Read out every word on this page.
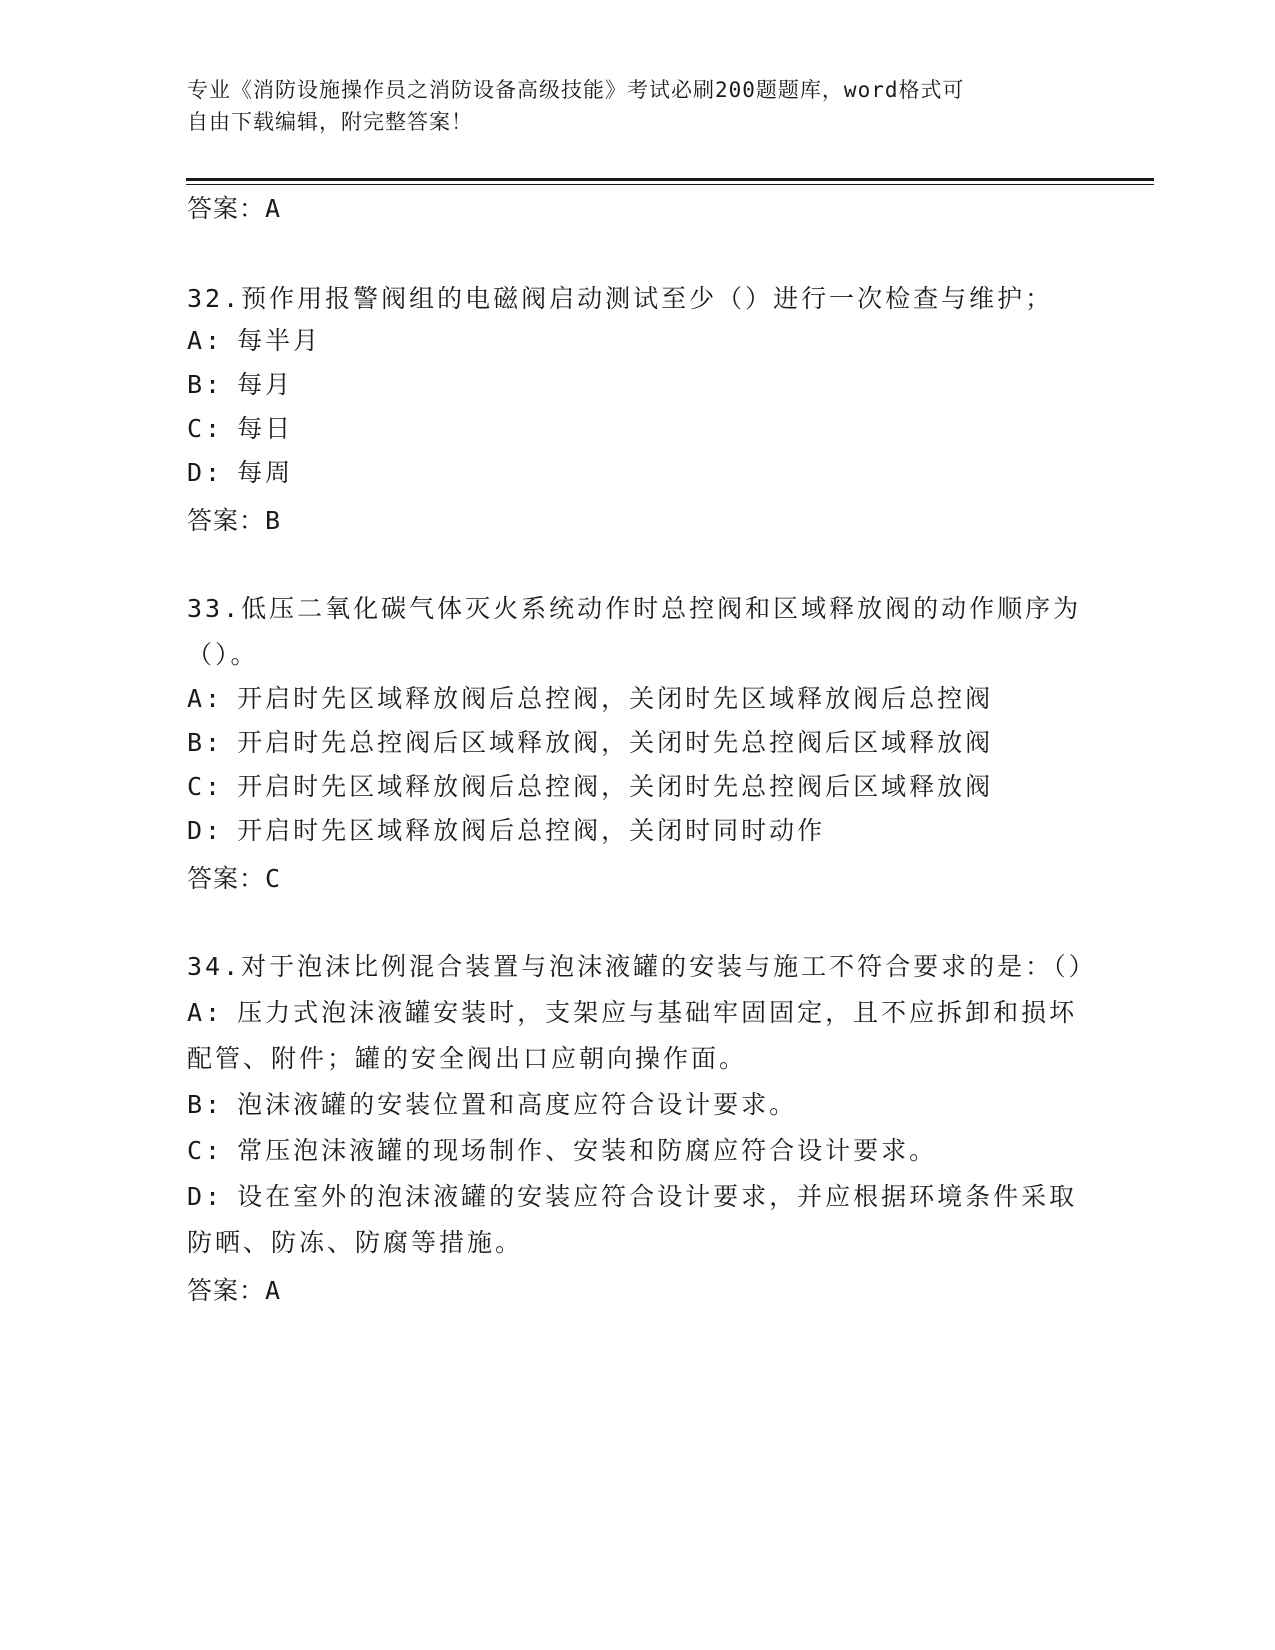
专业《消防设施操作员之消防设备高级技能》考试必刷200题题库，word格式可
自由下载编辑，附完整答案！

答案：A

32.预作用报警阀组的电磁阀启动测试至少（）进行一次检查与维护；

A: 每半月

B: 每月

C: 每日

D: 每周

答案：B

33.低压二氧化碳气体灭火系统动作时总控阀和区域释放阀的动作顺序为（）。

A: 开启时先区域释放阀后总控阀，关闭时先区域释放阀后总控阀

B: 开启时先总控阀后区域释放阀，关闭时先总控阀后区域释放阀

C: 开启时先区域释放阀后总控阀，关闭时先总控阀后区域释放阀

D: 开启时先区域释放阀后总控阀，关闭时同时动作

答案：C

34.对于泡沫比例混合装置与泡沫液罐的安装与施工不符合要求的是：（）

A: 压力式泡沫液罐安装时，支架应与基础牢固固定，且不应拆卸和损坏配管、附件；罐的安全阀出口应朝向操作面。

B: 泡沫液罐的安装位置和高度应符合设计要求。

C: 常压泡沫液罐的现场制作、安装和防腐应符合设计要求。

D: 设在室外的泡沫液罐的安装应符合设计要求，并应根据环境条件采取防晒、防冻、防腐等措施。

答案：A
